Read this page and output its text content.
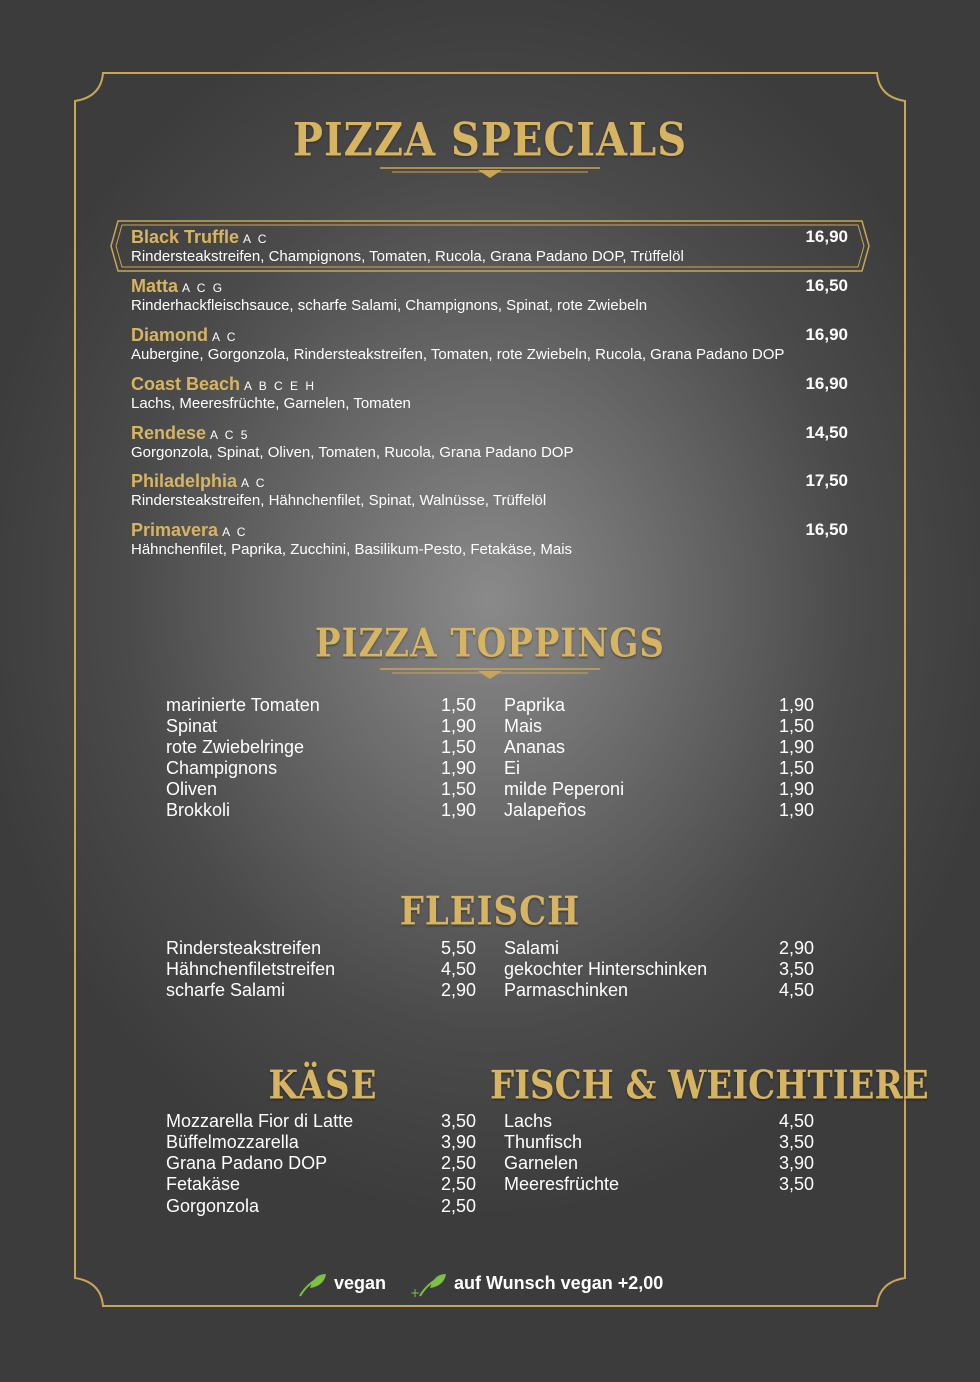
PIZZA SPECIALS
Black Truffle A C	16,90
Rindersteakstreifen, Champignons, Tomaten, Rucola, Grana Padano DOP, Trüffelöl
Matta A C G	16,50
Rinderhackfleischsauce, scharfe Salami, Champignons, Spinat, rote Zwiebeln
Diamond A C	16,90
Aubergine, Gorgonzola, Rindersteakstreifen, Tomaten, rote Zwiebeln, Rucola, Grana Padano DOP
Coast Beach A B C E H	16,90
Lachs, Meeresfrüchte, Garnelen, Tomaten
Rendese A C 5	14,50
Gorgonzola, Spinat, Oliven, Tomaten, Rucola, Grana Padano DOP
Philadelphia A C	17,50
Rindersteakstreifen, Hähnchenfilet, Spinat, Walnüsse, Trüffelöl
Primavera A C	16,50
Hähnchenfilet, Paprika, Zucchini, Basilikum-Pesto, Fetakäse, Mais
PIZZA TOPPINGS
marinierte Tomaten	1,50
Spinat	1,90
rote Zwiebelringe	1,50
Champignons	1,90
Oliven	1,50
Brokkoli	1,90
Paprika	1,90
Mais	1,50
Ananas	1,90
Ei	1,50
milde Peperoni	1,90
Jalapeños	1,90
FLEISCH
Rindersteakstreifen	5,50
Hähnchenfiletstreifen	4,50
scharfe Salami	2,90
Salami	2,90
gekochter Hinterschinken	3,50
Parmaschinken	4,50
KÄSE	FISCH & WEICHTIERE
Mozzarella Fior di Latte	3,50
Büffelmozzarella	3,90
Grana Padano DOP	2,50
Fetakäse	2,50
Gorgonzola	2,50
Lachs	4,50
Thunfisch	3,50
Garnelen	3,90
Meeresfrüchte	3,50
vegan + auf Wunsch vegan +2,00
